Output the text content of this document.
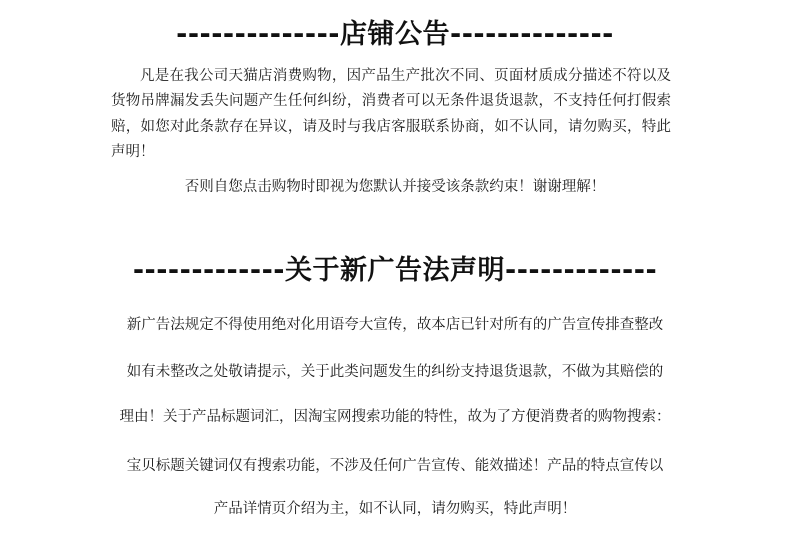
--------------店铺公告--------------
凡是在我公司天猫店消费购物，因产品生产批次不同、页面材质成分描述不符以及货物吊牌漏发丢失问题产生任何纠纷，消费者可以无条件退货退款，不支持任何打假索赔，如您对此条款存在异议，请及时与我店客服联系协商，如不认同，请勿购买，特此声明！
否则自您点击购物时即视为您默认并接受该条款约束！谢谢理解！
-------------关于新广告法声明-------------
新广告法规定不得使用绝对化用语夸大宣传，故本店已针对所有的广告宣传排查整改
如有未整改之处敬请提示，关于此类问题发生的纠纷支持退货退款，不做为其赔偿的
理由！关于产品标题词汇，因淘宝网搜索功能的特性，故为了方便消费者的购物搜索：
宝贝标题关键词仅有搜索功能，不涉及任何广告宣传、能效描述！产品的特点宣传以
产品详情页介绍为主，如不认同，请勿购买，特此声明！
